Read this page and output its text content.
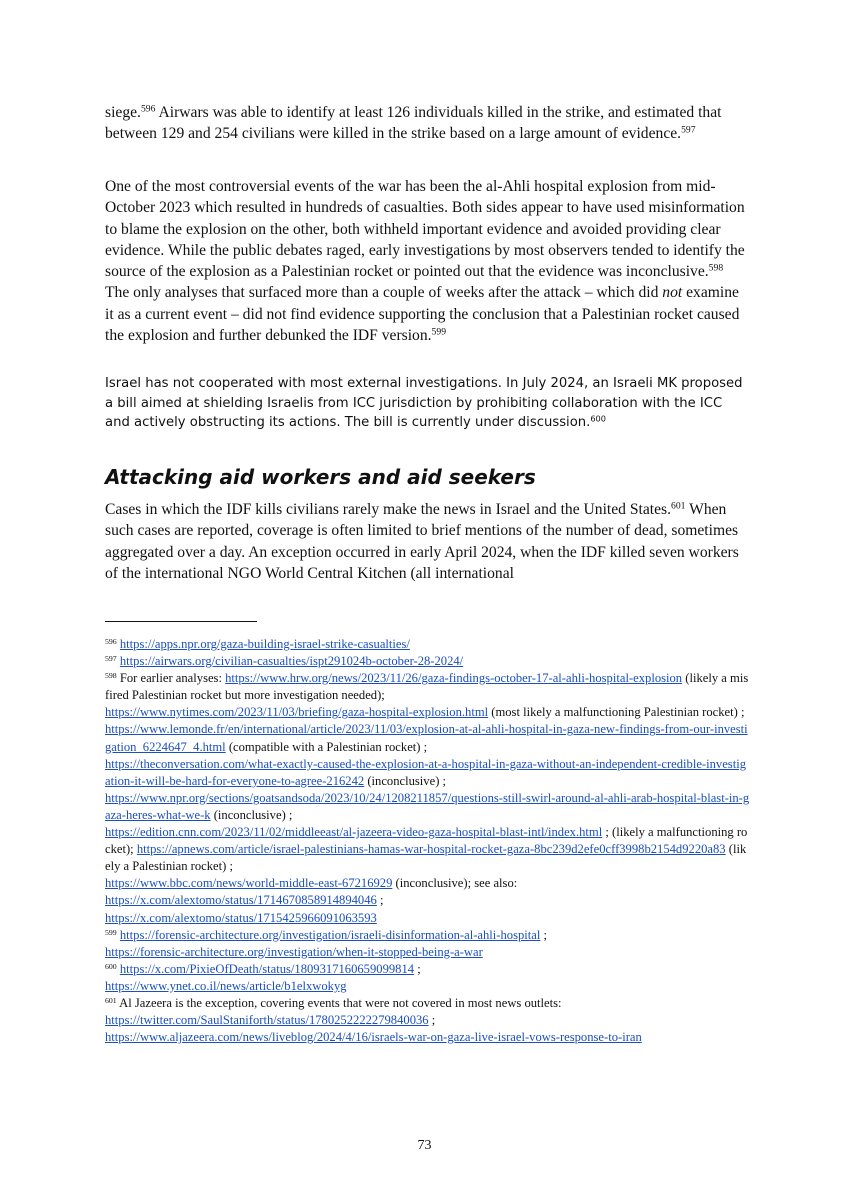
siege.$^{596}$ Airwars was able to identify at least 126 individuals killed in the strike, and estimated that between 129 and 254 civilians were killed in the strike based on a large amount of evidence.$^{597}$

One of the most controversial events of the war has been the al-Ahli hospital explosion from mid-October 2023 which resulted in hundreds of casualties. Both sides appear to have used misinformation to blame the explosion on the other, both withheld important evidence and avoided providing clear evidence. While the public debates raged, early investigations by most observers tended to identify the source of the explosion as a Palestinian rocket or pointed out that the evidence was inconclusive.$^{598}$ The only analyses that surfaced more than a couple of weeks after the attack – which did not examine it as a current event – did not find evidence supporting the conclusion that a Palestinian rocket caused the explosion and further debunked the IDF version.$^{599}$

Israel has not cooperated with most external investigations. In July 2024, an Israeli MK proposed a bill aimed at shielding Israelis from ICC jurisdiction by prohibiting collaboration with the ICC and actively obstructing its actions. The bill is currently under discussion.$^{600}$

Attacking aid workers and aid seekers

Cases in which the IDF kills civilians rarely make the news in Israel and the United States.$^{601}$ When such cases are reported, coverage is often limited to brief mentions of the number of dead, sometimes aggregated over a day. An exception occurred in early April 2024, when the IDF killed seven workers of the international NGO World Central Kitchen (all international

$^{596}$ https://apps.npr.org/gaza-building-israel-strike-casualties/
$^{597}$ https://airwars.org/civilian-casualties/ispt291024b-october-28-2024/
$^{598}$ For earlier analyses: https://www.hrw.org/news/2023/11/26/gaza-findings-october-17-al-ahli-hospital-explosion (likely a misfired Palestinian rocket but more investigation needed);
https://www.nytimes.com/2023/11/03/briefing/gaza-hospital-explosion.html (most likely a malfunctioning Palestinian rocket) ;
https://www.lemonde.fr/en/international/article/2023/11/03/explosion-at-al-ahli-hospital-in-gaza-new-findings-from-our-investigation_6224647_4.html (compatible with a Palestinian rocket) ;
https://theconversation.com/what-exactly-caused-the-explosion-at-a-hospital-in-gaza-without-an-independent-credible-investigation-it-will-be-hard-for-everyone-to-agree-216242 (inconclusive) ;
https://www.npr.org/sections/goatsandsoda/2023/10/24/1208211857/questions-still-swirl-around-al-ahli-arab-hospital-blast-in-gaza-heres-what-we-k (inconclusive) ;
https://edition.cnn.com/2023/11/02/middleeast/al-jazeera-video-gaza-hospital-blast-intl/index.html ; (likely a malfunctioning rocket); https://apnews.com/article/israel-palestinians-hamas-war-hospital-rocket-gaza-8bc239d2efe0cff3998b2154d9220a83 (likely a Palestinian rocket) ;
https://www.bbc.com/news/world-middle-east-67216929 (inconclusive); see also:
https://x.com/alextomo/status/1714670858914894046 ;
https://x.com/alextomo/status/1715425966091063593
$^{599}$ https://forensic-architecture.org/investigation/israeli-disinformation-al-ahli-hospital ;
https://forensic-architecture.org/investigation/when-it-stopped-being-a-war
$^{600}$ https://x.com/PixieOfDeath/status/1809317160659099814 ;
https://www.ynet.co.il/news/article/b1elxwokyg
$^{601}$ Al Jazeera is the exception, covering events that were not covered in most news outlets:
https://twitter.com/SaulStaniforth/status/1780252222279840036 ;
https://www.aljazeera.com/news/liveblog/2024/4/16/israels-war-on-gaza-live-israel-vows-response-to-iran
73
